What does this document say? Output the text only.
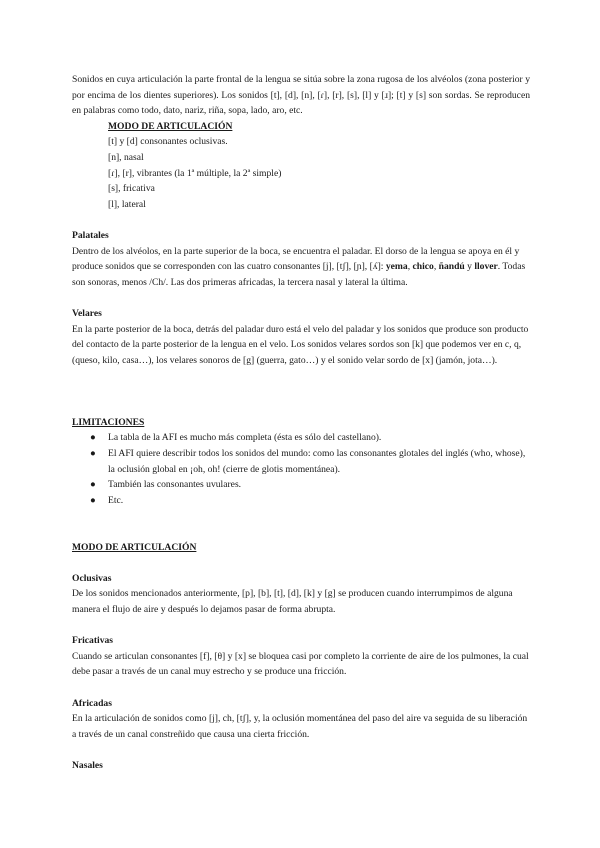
Sonidos en cuya articulación la parte frontal de la lengua se sitúa sobre la zona rugosa de los alvéolos (zona posterior y por encima de los dientes superiores). Los sonidos [t], [d], [n], [ɾ], [r], [s], [l] y [ɹ]; [t] y [s] son sordas. Se reproducen en palabras como todo, dato, nariz, riña, sopa, lado, aro, etc.

MODO DE ARTICULACIÓN

[t] y [d] consonantes oclusivas.

[n], nasal

[ɾ], [r], vibrantes (la 1ª múltiple, la 2ª simple)

[s], fricativa

[l], lateral

Palatales

Dentro de los alvéolos, en la parte superior de la boca, se encuentra el paladar. El dorso de la lengua se apoya en él y produce sonidos que se corresponden con las cuatro consonantes [j], [tʃ], [ɲ], [ʎ]: yema, chico, ñandú y llover. Todas son sonoras, menos /Ch/. Las dos primeras africadas, la tercera nasal y lateral la última.

Velares

En la parte posterior de la boca, detrás del paladar duro está el velo del paladar y los sonidos que produce son producto del contacto de la parte posterior de la lengua en el velo. Los sonidos velares sordos son [k] que podemos ver en c, q, (queso, kilo, casa…), los velares sonoros de [g] (guerra, gato…) y el sonido velar sordo de [x] (jamón, jota…).

LIMITACIONES

● La tabla de la AFI es mucho más completa (ésta es sólo del castellano).
● El AFI quiere describir todos los sonidos del mundo: como las consonantes glotales del inglés (who, whose), la oclusión global en ¡oh, oh! (cierre de glotis momentánea).
● También las consonantes uvulares.
● Etc.

MODO DE ARTICULACIÓN

Oclusivas

De los sonidos mencionados anteriormente, [p], [b], [t], [d], [k] y [g] se producen cuando interrumpimos de alguna manera el flujo de aire y después lo dejamos pasar de forma abrupta.

Fricativas

Cuando se articulan consonantes [f], [θ] y [x] se bloquea casi por completo la corriente de aire de los pulmones, la cual debe pasar a través de un canal muy estrecho y se produce una fricción.

Africadas

En la articulación de sonidos como [j], ch, [tʃ], y, la oclusión momentánea del paso del aire va seguida de su liberación a través de un canal constreñido que causa una cierta fricción.

Nasales
